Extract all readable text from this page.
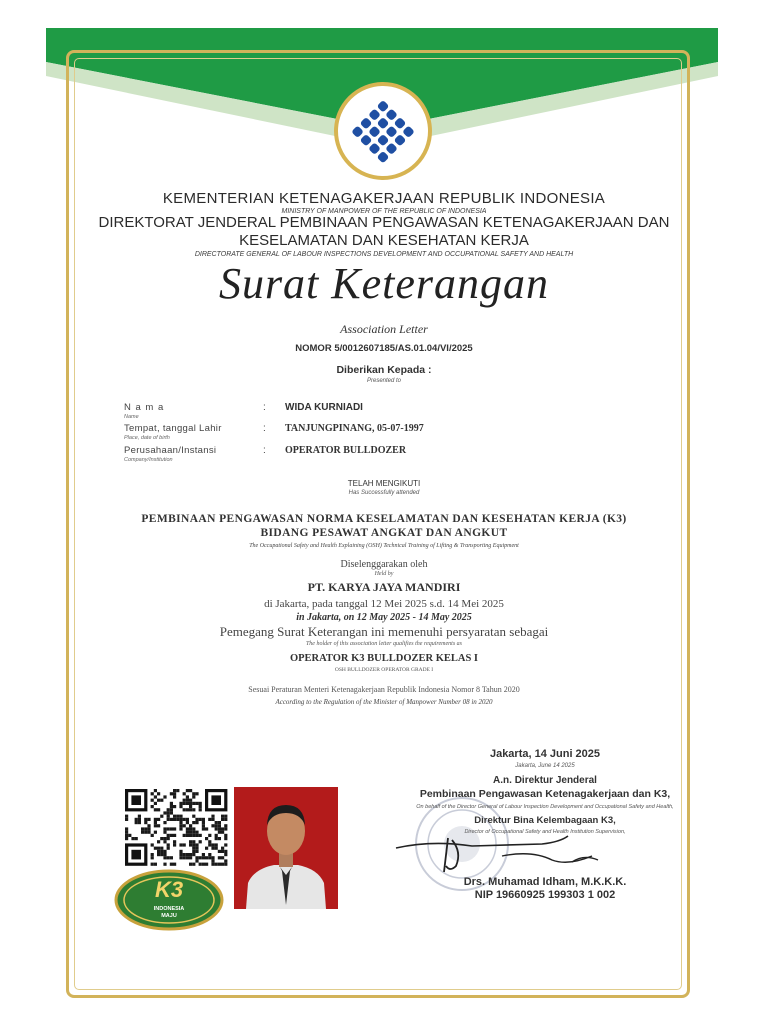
KEMENTERIAN KETENAGAKERJAAN REPUBLIK INDONESIA
MINISTRY OF MANPOWER OF THE REPUBLIC OF INDONESIA
DIREKTORAT JENDERAL PEMBINAAN PENGAWASAN KETENAGAKERJAAN DAN
KESELAMATAN DAN KESEHATAN KERJA
DIRECTORATE GENERAL OF LABOUR INSPECTIONS DEVELOPMENT AND OCCUPATIONAL SAFETY AND HEALTH
Surat Keterangan
Association Letter
NOMOR 5/0012607185/AS.01.04/VI/2025
Diberikan Kepada :
Presented to
N a m a
Name
: WIDA KURNIADI
Tempat, tanggal Lahir
Place, date of birth
: TANJUNGPINANG, 05-07-1997
Perusahaan/Instansi
Company/Institution
: OPERATOR BULLDOZER
TELAH MENGIKUTI
Has Successfully attended
PEMBINAAN PENGAWASAN NORMA KESELAMATAN DAN KESEHATAN KERJA (K3)
BIDANG PESAWAT ANGKAT DAN ANGKUT
The Occupational Safety and Health Explaining (OSH) Technical Training of Lifting & Transporting Equipment
Diselenggarakan oleh
Held by
PT. KARYA JAYA MANDIRI
di Jakarta, pada tanggal 12 Mei 2025 s.d. 14 Mei 2025
in Jakarta, on 12 May 2025 - 14 May 2025
Pemegang Surat Keterangan ini memenuhi persyaratan sebagai
The holder of this association letter qualifies the requirements as
OPERATOR K3 BULLDOZER KELAS I
OSH BULLDOZER OPERATOR GRADE I
Sesuai Peraturan Menteri Ketenagakerjaan Republik Indonesia Nomor 8 Tahun 2020
According to the Regulation of the Minister of Manpower Number 08 in 2020
K3
INDONESIA
MAJU
Jakarta, 14 Juni 2025
Jakarta, June 14 2025
A.n. Direktur Jenderal
Pembinaan Pengawasan Ketenagakerjaan dan K3,
On behalf of the Director General of Labour Inspection Development and Occupational Safety and Health,
Direktur Bina Kelembagaan K3,
Director of Occupational Safety and Health Institution Supervision,
Drs. Muhamad Idham, M.K.K.K.
NIP 19660925 199303 1 002
